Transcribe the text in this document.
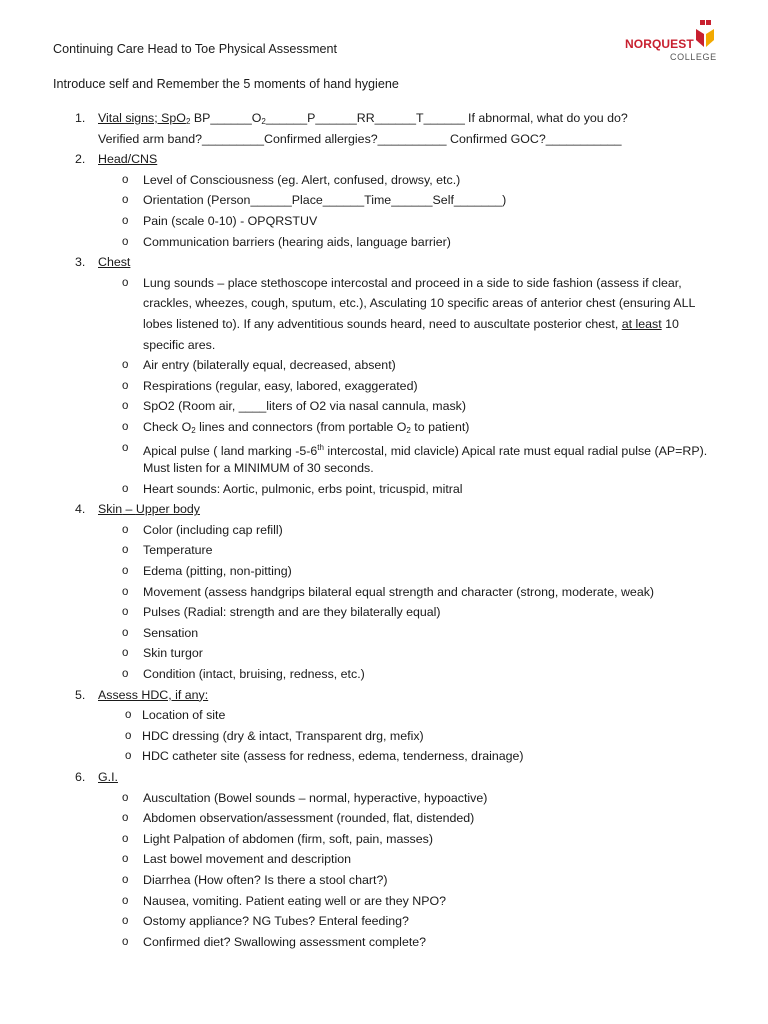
Continuing Care Head to Toe Physical Assessment
Introduce self and Remember the 5 moments of hand hygiene
NORQUEST
COLLEGE
1. Vital signs; SpO$_2$ $BP\_\_\_\_\_\_O_2\_\_\_\_\_\_P\_\_\_\_\_\_RR\_\_\_\_\_\_T\_\_\_\_\_\_$ If abnormal, what do you do?
Verified arm band?_________Confirmed allergies?__________ Confirmed GOC?___________
2. Head/CNS
o Level of Consciousness (eg. Alert, confused, drowsy, etc.)
o Orientation (Person______Place______Time______Self_______)
o Pain (scale 0-10) - OPQRSTUV
o Communication barriers (hearing aids, language barrier)
3. Chest
o Lung sounds – place stethoscope intercostal and proceed in a side to side fashion (assess if clear,
crackles, wheezes, cough, sputum, etc.), Asculating 10 specific areas of anterior chest (ensuring ALL
lobes listened to). If any adventitious sounds heard, need to auscultate posterior chest, at least 10
specific ares.
o Air entry (bilaterally equal, decreased, absent)
o Respirations (regular, easy, labored, exaggerated)
o SpO2 (Room air, ____liters of O2 via nasal cannula, mask)
o Check $O_2$ lines and connectors (from portable $O_2$ to patient)
o Apical pulse ( land marking -5-6th intercostal, mid clavicle) Apical rate must equal radial pulse (AP=RP).
Must listen for a MINIMUM of 30 seconds.
o Heart sounds: Aortic, pulmonic, erbs point, tricuspid, mitral
4. Skin – Upper body
o Color (including cap refill)
o Temperature
o Edema (pitting, non-pitting)
o Movement (assess handgrips bilateral equal strength and character (strong, moderate, weak)
o Pulses (Radial: strength and are they bilaterally equal)
o Sensation
o Skin turgor
o Condition (intact, bruising, redness, etc.)
5. Assess HDC, if any:
o Location of site
o HDC dressing (dry & intact, Transparent drg, mefix)
o HDC catheter site (assess for redness, edema, tenderness, drainage)
6. G.I.
o Auscultation (Bowel sounds – normal, hyperactive, hypoactive)
o Abdomen observation/assessment (rounded, flat, distended)
o Light Palpation of abdomen (firm, soft, pain, masses)
o Last bowel movement and description
o Diarrhea (How often? Is there a stool chart?)
o Nausea, vomiting. Patient eating well or are they NPO?
o Ostomy appliance? NG Tubes? Enteral feeding?
o Confirmed diet? Swallowing assessment complete?
